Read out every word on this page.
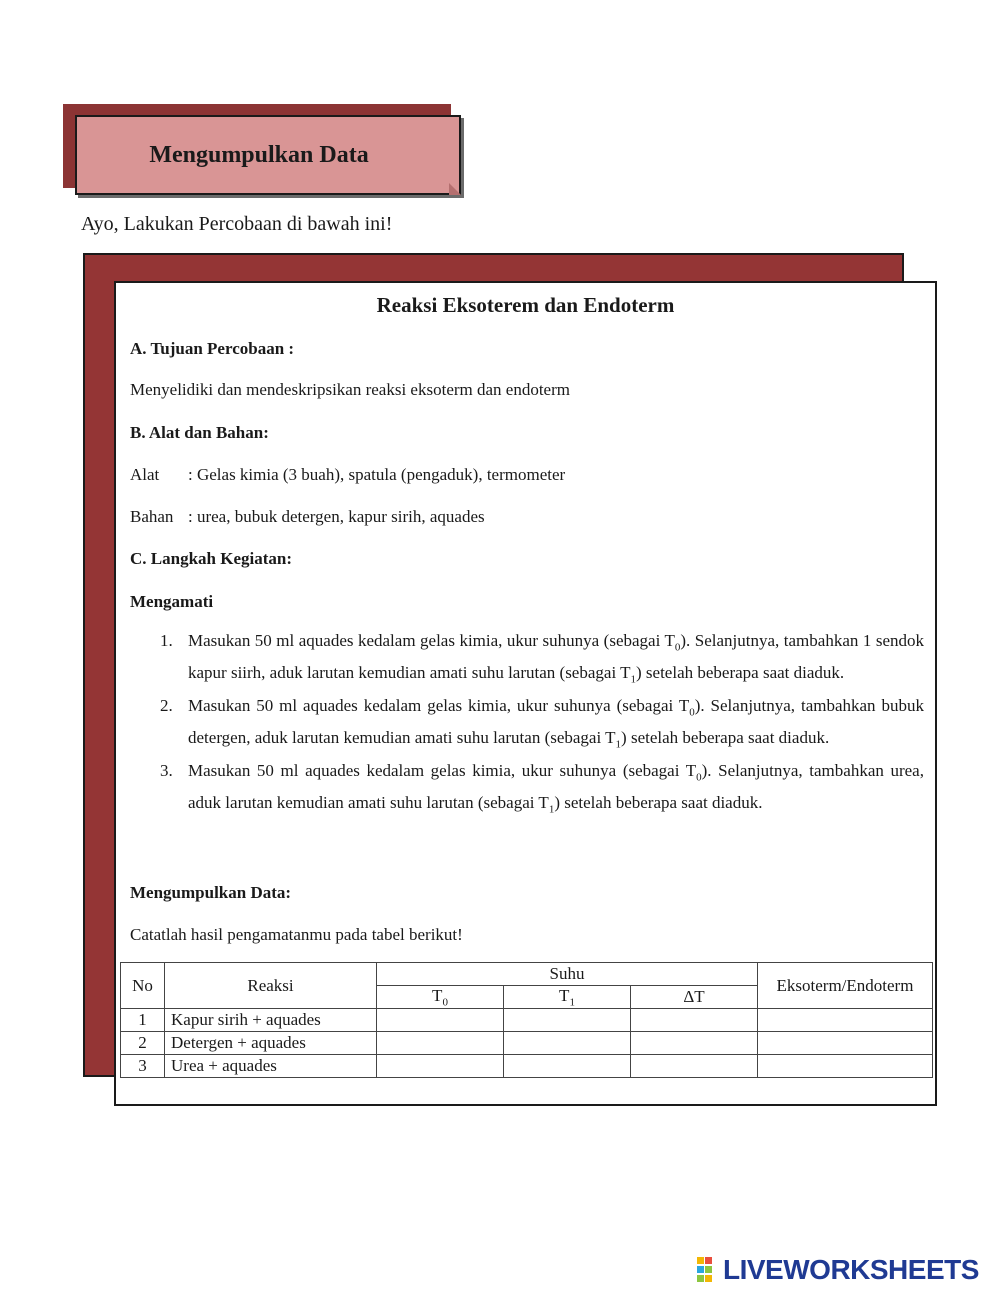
Mengumpulkan Data
Ayo, Lakukan Percobaan di bawah ini!
Reaksi Eksoterem dan Endoterm
A. Tujuan Percobaan :
Menyelidiki dan mendeskripsikan reaksi eksoterm dan endoterm
B. Alat dan Bahan:
Alat : Gelas kimia (3 buah), spatula (pengaduk), termometer
Bahan : urea, bubuk detergen, kapur sirih, aquades
C. Langkah Kegiatan:
Mengamati
1. Masukan 50 ml aquades kedalam gelas kimia, ukur suhunya (sebagai $T_0$). Selanjutnya, tambahkan 1 sendok kapur siirh, aduk larutan kemudian amati suhu larutan (sebagai $T_1$) setelah beberapa saat diaduk.
2. Masukan 50 ml aquades kedalam gelas kimia, ukur suhunya (sebagai $T_0$). Selanjutnya, tambahkan bubuk detergen, aduk larutan kemudian amati suhu larutan (sebagai $T_1$) setelah beberapa saat diaduk.
3. Masukan 50 ml aquades kedalam gelas kimia, ukur suhunya (sebagai $T_0$). Selanjutnya, tambahkan urea, aduk larutan kemudian amati suhu larutan (sebagai $T_1$) setelah beberapa saat diaduk.
Mengumpulkan Data:
Catatlah hasil pengamatanmu pada tabel berikut!
No	Reaksi	Suhu			Eksoterm/Endoterm
		$T_0$	$T_1$	ΔT	
1	Kapur sirih + aquades				
2	Detergen + aquades				
3	Urea + aquades				
LIVEWORKSHEETS
